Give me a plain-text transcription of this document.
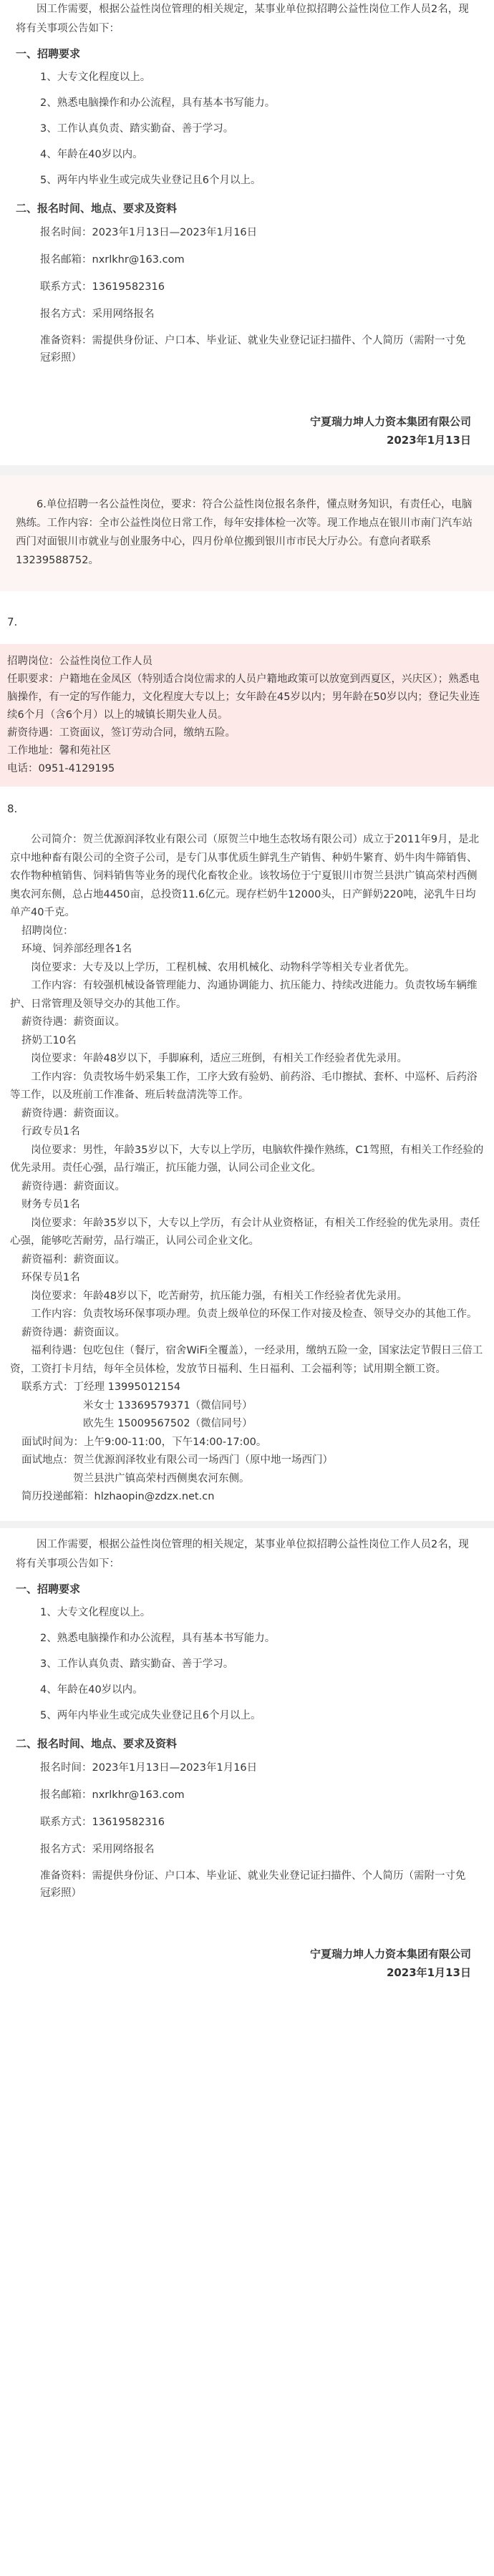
因工作需要，根据公益性岗位管理的相关规定，某事业单位拟招聘公益性岗位工作人员2名，现将有关事项公告如下：

一、招聘要求
1、大专文化程度以上。
2、熟悉电脑操作和办公流程，具有基本书写能力。
3、工作认真负责、踏实勤奋、善于学习。
4、年龄在40岁以内。
5、两年内毕业生或完成失业登记且6个月以上。
二、报名时间、地点、要求及资料
报名时间：2023年1月13日—2023年1月16日
报名邮箱：nxrlkhr@163.com
联系方式：13619582316
报名方式：采用网络报名
准备资料：需提供身份证、户口本、毕业证、就业失业登记证扫描件、个人简历（需附一寸免冠彩照）
宁夏瑞力坤人力资本集团有限公司
2023年1月13日

6.单位招聘一名公益性岗位，要求：符合公益性岗位报名条件，懂点财务知识，有责任心，电脑熟练。工作内容：全市公益性岗位日常工作，每年安排体检一次等。现工作地点在银川市南门汽车站西门对面银川市就业与创业服务中心，四月份单位搬到银川市市民大厅办公。有意向者联系13239588752。

7.

招聘岗位：公益性岗位工作人员

任职要求：户籍地在金凤区（特别适合岗位需求的人员户籍地政策可以放宽到西夏区，兴庆区）；熟悉电脑操作，有一定的写作能力，文化程度大专以上；女年龄在45岁以内；男年龄在50岁以内；登记失业连续6个月（含6个月）以上的城镇长期失业人员。

薪资待遇：工资面议，签订劳动合同，缴纳五险。

工作地址：馨和苑社区

电话：0951-4129195

8.

公司简介：贺兰优源润泽牧业有限公司（原贺兰中地生态牧场有限公司）成立于2011年9月，是北京中地种畜有限公司的全资子公司，是专门从事优质生鲜乳生产销售、种奶牛繁育、奶牛肉牛筛销售、农作物种植销售、饲料销售等业务的现代化畜牧企业。该牧场位于宁夏银川市贺兰县洪广镇高荣村西侧奥农河东侧，总占地4450亩，总投资11.6亿元。现存栏奶牛12000头，日产鲜奶220吨，泌乳牛日均单产40千克。

招聘岗位：

环境、饲养部经理各1名

岗位要求：大专及以上学历，工程机械、农用机械化、动物科学等相关专业者优先。

工作内容：有较强机械设备管理能力、沟通协调能力、抗压能力、持续改进能力。负责牧场车辆维护、日常管理及领导交办的其他工作。

薪资待遇：薪资面议。

挤奶工10名

岗位要求：年龄48岁以下，手脚麻利，适应三班倒，有相关工作经验者优先录用。

工作内容：负责牧场牛奶采集工作，工序大致有验奶、前药浴、毛巾擦拭、套杯、中巡杯、后药浴等工作，以及班前工作准备、班后转盘清洗等工作。

薪资待遇：薪资面议。

行政专员1名

岗位要求：男性，年龄35岁以下，大专以上学历，电脑软件操作熟练，C1驾照，有相关工作经验的优先录用。责任心强，品行端正，抗压能力强，认同公司企业文化。

薪资待遇：薪资面议。

财务专员1名

岗位要求：年龄35岁以下，大专以上学历，有会计从业资格证，有相关工作经验的优先录用。责任心强，能够吃苦耐劳，品行端正，认同公司企业文化。

薪资福利：薪资面议。

环保专员1名

岗位要求：年龄48岁以下，吃苦耐劳，抗压能力强，有相关工作经验者优先录用。

工作内容：负责牧场环保事项办理。负责上级单位的环保工作对接及检查、领导交办的其他工作。

薪资待遇：薪资面议。

福利待遇：包吃包住（餐厅，宿舍WiFi全覆盖），一经录用，缴纳五险一金，国家法定节假日三倍工资，工资打卡月结，每年全员体检，发放节日福利、生日福利、工会福利等；试用期全额工资。

联系方式：丁经理 13995012154

米女士 13369579371（微信同号）

欧先生 15009567502（微信同号）

面试时间为：上午9:00-11:00，下午14:00-17:00。

面试地点：贺兰优源润泽牧业有限公司一场西门（原中地一场西门）

贺兰县洪广镇高荣村西侧奥农河东侧。

简历投递邮箱：hlzhaopin@zdzx.net.cn

因工作需要，根据公益性岗位管理的相关规定，某事业单位拟招聘公益性岗位工作人员2名，现将有关事项公告如下：

一、招聘要求
1、大专文化程度以上。
2、熟悉电脑操作和办公流程，具有基本书写能力。
3、工作认真负责、踏实勤奋、善于学习。
4、年龄在40岁以内。
5、两年内毕业生或完成失业登记且6个月以上。
二、报名时间、地点、要求及资料
报名时间：2023年1月13日—2023年1月16日
报名邮箱：nxrlkhr@163.com
联系方式：13619582316
报名方式：采用网络报名
准备资料：需提供身份证、户口本、毕业证、就业失业登记证扫描件、个人简历（需附一寸免冠彩照）
宁夏瑞力坤人力资本集团有限公司
2023年1月13日
